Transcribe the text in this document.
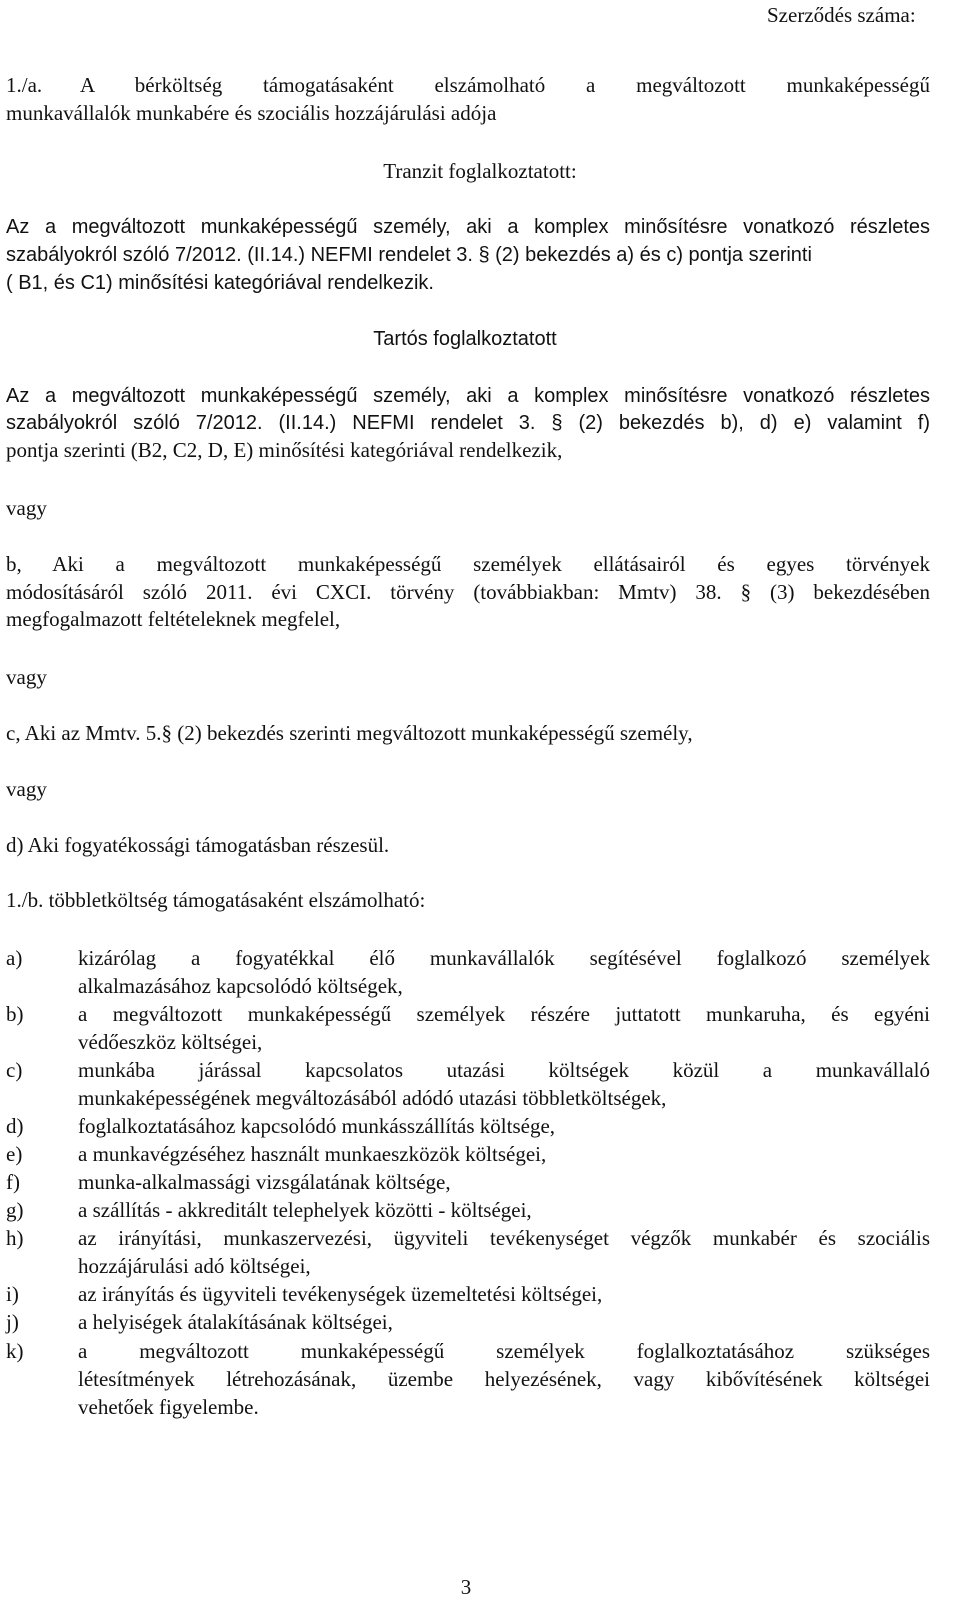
Szerződés száma:
1./a. A bérköltség támogatásaként elszámolható a megváltozott munkaképességű
munkavállalók munkabére és szociális hozzájárulási adója
Tranzit foglalkoztatott:
Az a megváltozott munkaképességű személy, aki a komplex minősítésre vonatkozó részletes
szabályokról szóló 7/2012. (II.14.) NEFMI rendelet 3. § (2) bekezdés a) és c) pontja szerinti
( B1, és C1) minősítési kategóriával rendelkezik.
Tartós foglalkoztatott
Az a megváltozott munkaképességű személy, aki a komplex minősítésre vonatkozó részletes
szabályokról szóló 7/2012. (II.14.) NEFMI rendelet 3. § (2) bekezdés b), d) e) valamint f)
pontja szerinti (B2, C2, D, E) minősítési kategóriával rendelkezik,
vagy
b, Aki a megváltozott munkaképességű személyek ellátásairól és egyes törvények
módosításáról szóló 2011. évi CXCI. törvény (továbbiakban: Mmtv) 38. § (3) bekezdésében
megfogalmazott feltételeknek megfelel,
vagy
c, Aki az Mmtv. 5.§ (2) bekezdés szerinti megváltozott munkaképességű személy,
vagy
d) Aki fogyatékossági támogatásban részesül.
1./b. többletköltség támogatásaként elszámolható:
a)	kizárólag a fogyatékkal élő munkavállalók segítésével foglalkozó személyek
alkalmazásához kapcsolódó költségek,
b)	a megváltozott munkaképességű személyek részére juttatott munkaruha, és egyéni
védőeszköz költségei,
c)	munkába járással kapcsolatos utazási költségek közül a munkavállaló
munkaképességének megváltozásából adódó utazási többletköltségek,
d)	foglalkoztatásához kapcsolódó munkásszállítás költsége,
e)	a munkavégzéséhez használt munkaeszközök költségei,
f)	munka-alkalmassági vizsgálatának költsége,
g)	a szállítás - akkreditált telephelyek közötti - költségei,
h)	az irányítási, munkaszervezési, ügyviteli tevékenységet végzők munkabér és szociális
hozzájárulási adó költségei,
i)	az irányítás és ügyviteli tevékenységek üzemeltetési költségei,
j)	a helyiségek átalakításának költségei,
k)	a megváltozott munkaképességű személyek foglalkoztatásához szükséges
létesítmények létrehozásának, üzembe helyezésének, vagy kibővítésének költségei
vehetőek figyelembe.
3
